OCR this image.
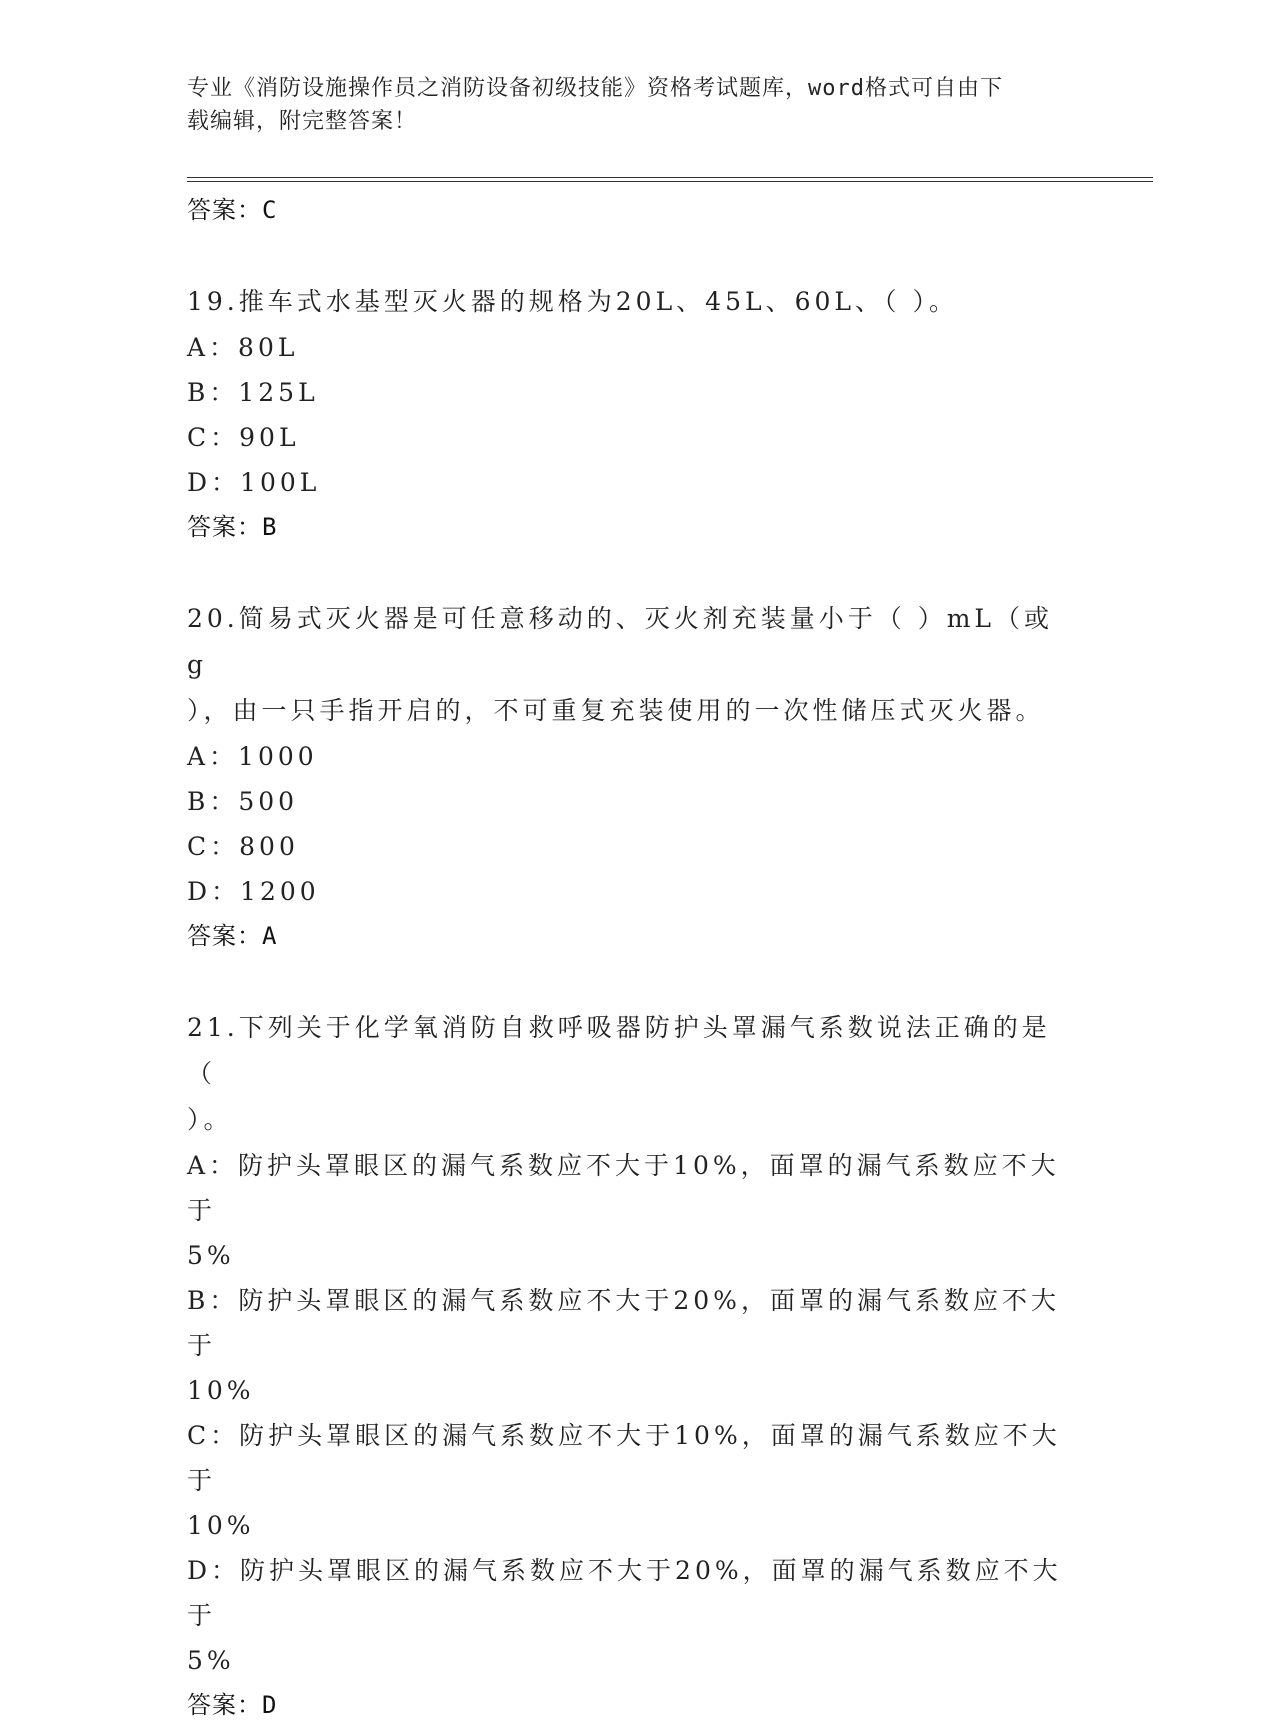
专业《消防设施操作员之消防设备初级技能》资格考试题库，word格式可自由下
载编辑，附完整答案！
答案：C
19.推车式水基型灭火器的规格为20L、45L、60L、（ ）。
A：80L
B：125L
C：90L
D：100L
答案：B
20.简易式灭火器是可任意移动的、灭火剂充装量小于（ ）mL（或g
），由一只手指开启的，不可重复充装使用的一次性储压式灭火器。
A：1000
B：500
C：800
D：1200
答案：A
21.下列关于化学氧消防自救呼吸器防护头罩漏气系数说法正确的是（
）。
A：防护头罩眼区的漏气系数应不大于10%，面罩的漏气系数应不大于
5%
B：防护头罩眼区的漏气系数应不大于20%，面罩的漏气系数应不大于
10%
C：防护头罩眼区的漏气系数应不大于10%，面罩的漏气系数应不大于
10%
D：防护头罩眼区的漏气系数应不大于20%，面罩的漏气系数应不大于
5%
答案：D
